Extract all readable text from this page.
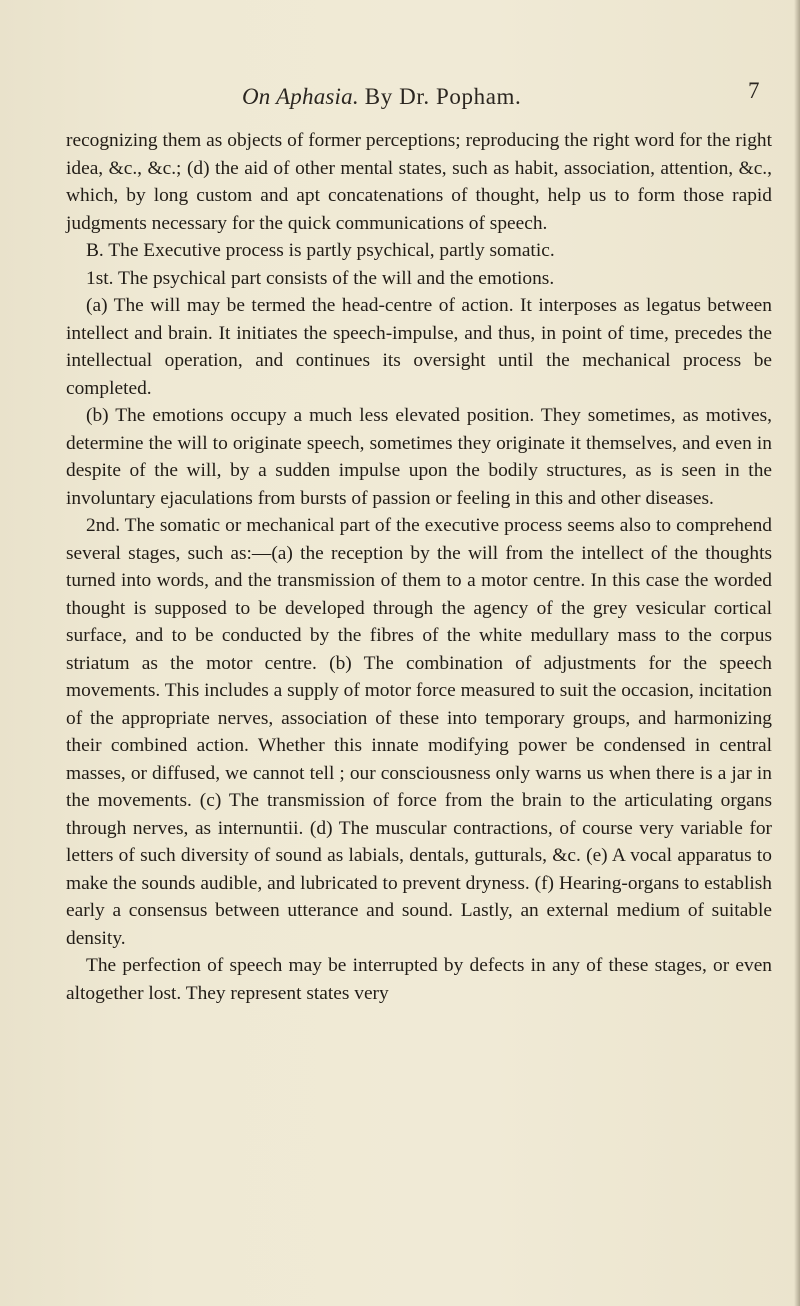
On Aphasia. By Dr. Popham.	7

recognizing them as objects of former perceptions; reproducing the right word for the right idea, &c., &c.; (d) the aid of other mental states, such as habit, association, attention, &c., which, by long custom and apt concatenations of thought, help us to form those rapid judgments necessary for the quick communications of speech.

B. The Executive process is partly psychical, partly somatic.

1st. The psychical part consists of the will and the emotions.

(a) The will may be termed the head-centre of action. It interposes as legatus between intellect and brain. It initiates the speech-impulse, and thus, in point of time, precedes the intellectual operation, and continues its oversight until the mechanical process be completed.

(b) The emotions occupy a much less elevated position. They sometimes, as motives, determine the will to originate speech, sometimes they originate it themselves, and even in despite of the will, by a sudden impulse upon the bodily structures, as is seen in the involuntary ejaculations from bursts of passion or feeling in this and other diseases.

2nd. The somatic or mechanical part of the executive process seems also to comprehend several stages, such as:—(a) the reception by the will from the intellect of the thoughts turned into words, and the transmission of them to a motor centre. In this case the worded thought is supposed to be developed through the agency of the grey vesicular cortical surface, and to be conducted by the fibres of the white medullary mass to the corpus striatum as the motor centre. (b) The combination of adjustments for the speech movements. This includes a supply of motor force measured to suit the occasion, incitation of the appropriate nerves, association of these into temporary groups, and harmonizing their combined action. Whether this innate modifying power be condensed in central masses, or diffused, we cannot tell ; our consciousness only warns us when there is a jar in the movements. (c) The transmission of force from the brain to the articulating organs through nerves, as internuntii. (d) The muscular contractions, of course very variable for letters of such diversity of sound as labials, dentals, gutturals, &c. (e) A vocal apparatus to make the sounds audible, and lubricated to prevent dryness. (f) Hearing-organs to establish early a consensus between utterance and sound. Lastly, an external medium of suitable density.

The perfection of speech may be interrupted by defects in any of these stages, or even altogether lost. They represent states very
